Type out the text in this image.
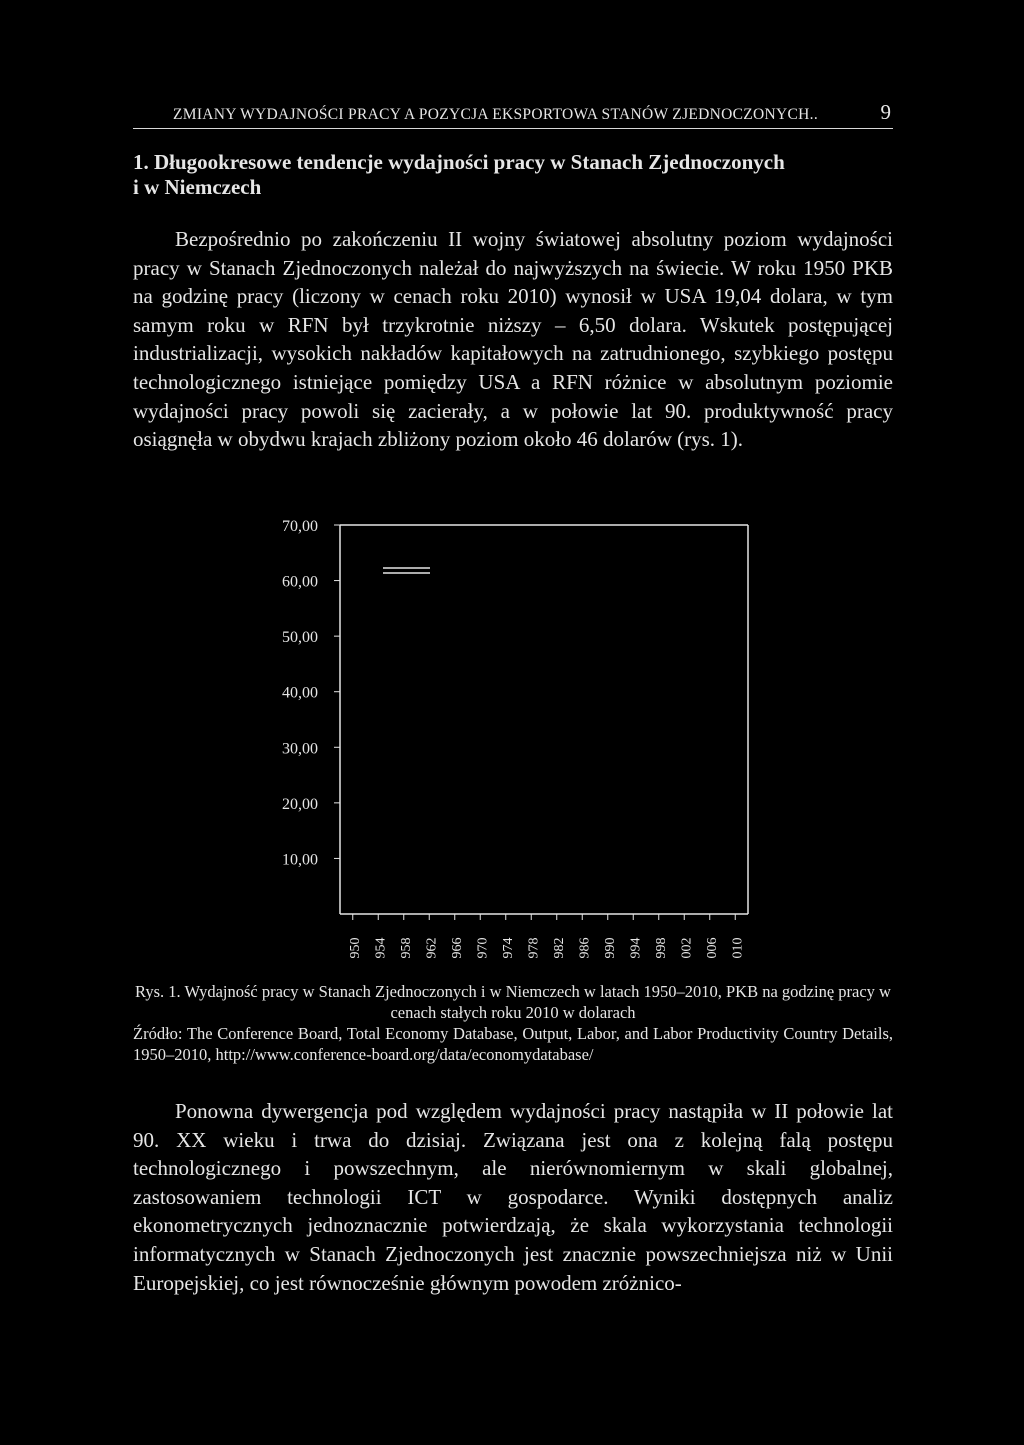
ZMIANY WYDAJNOŚCI PRACY A POZYCJA EKSPORTOWA STANÓW ZJEDNOCZONYCH..	9
1. Długookresowe tendencje wydajności pracy w Stanach Zjednoczonych
i w Niemczech
Bezpośrednio po zakończeniu II wojny światowej absolutny poziom wydajności pracy w Stanach Zjednoczonych należał do najwyższych na świecie. W roku 1950 PKB na godzinę pracy (liczony w cenach roku 2010) wynosił w USA 19,04 dolara, w tym samym roku w RFN był trzykrotnie niższy – 6,50 dolara. Wskutek postępującej industrializacji, wysokich nakładów kapitałowych na zatrudnionego, szybkiego postępu technologicznego istniejące pomiędzy USA a RFN różnice w absolutnym poziomie wydajności pracy powoli się zacierały, a w połowie lat 90. produktywność pracy osiągnęła w obydwu krajach zbliżony poziom około 46 dolarów (rys. 1).
70,00
60,00
50,00
40,00
30,00
20,00
10,00
950 954 958 962 966 970 974 978 982 986 990 994 998 002 006 010
Rys. 1. Wydajność pracy w Stanach Zjednoczonych i w Niemczech w latach 1950–2010, PKB na godzinę pracy w cenach stałych roku 2010 w dolarach
Źródło: The Conference Board, Total Economy Database, Output, Labor, and Labor Productivity Country Details, 1950–2010, http://www.conference-board.org/data/economydatabase/
Ponowna dywergencja pod względem wydajności pracy nastąpiła w II połowie lat 90. XX wieku i trwa do dzisiaj. Związana jest ona z kolejną falą postępu technologicznego i powszechnym, ale nierównomiernym w skali globalnej, zastosowaniem technologii ICT w gospodarce. Wyniki dostępnych analiz ekonometrycznych jednoznacznie potwierdzają, że skala wykorzystania technologii informatycznych w Stanach Zjednoczonych jest znacznie powszechniejsza niż w Unii Europejskiej, co jest równocześnie głównym powodem zróżnico-
